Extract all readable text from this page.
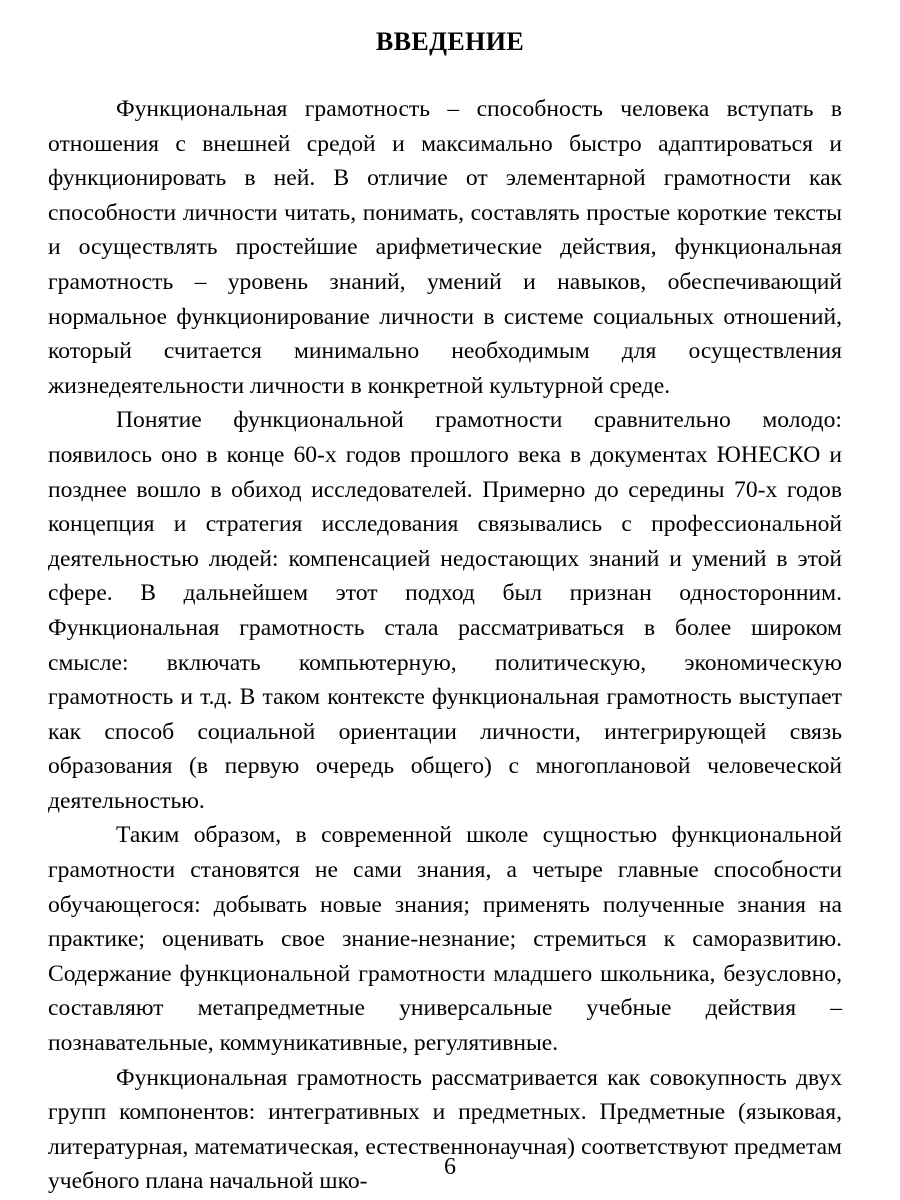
ВВЕДЕНИЕ

Функциональная грамотность – способность человека вступать в отношения с внешней средой и максимально быстро адаптироваться и функционировать в ней. В отличие от элементарной грамотности как способности личности читать, понимать, составлять простые короткие тексты и осуществлять простейшие арифметические действия, функциональная грамотность – уровень знаний, умений и навыков, обеспечивающий нормальное функционирование личности в системе социальных отношений, который считается минимально необходимым для осуществления жизнедеятельности личности в конкретной культурной среде.

Понятие функциональной грамотности сравнительно молодо: появилось оно в конце 60-х годов прошлого века в документах ЮНЕСКО и позднее вошло в обиход исследователей. Примерно до середины 70-х годов концепция и стратегия исследования связывались с профессиональной деятельностью людей: компенсацией недостающих знаний и умений в этой сфере. В дальнейшем этот подход был признан односторонним. Функциональная грамотность стала рассматриваться в более широком смысле: включать компьютерную, политическую, экономическую грамотность и т.д. В таком контексте функциональная грамотность выступает как способ социальной ориентации личности, интегрирующей связь образования (в первую очередь общего) с многоплановой человеческой деятельностью.

Таким образом, в современной школе сущностью функциональной грамотности становятся не сами знания, а четыре главные способности обучающегося: добывать новые знания; применять полученные знания на практике; оценивать свое знание-незнание; стремиться к саморазвитию. Содержание функциональной грамотности младшего школьника, безусловно, составляют метапредметные универсальные учебные действия – познавательные, коммуникативные, регулятивные.

Функциональная грамотность рассматривается как совокупность двух групп компонентов: интегративных и предметных. Предметные (языковая, литературная, математическая, естественнонаучная) соответствуют предметам учебного плана начальной шко-

6
